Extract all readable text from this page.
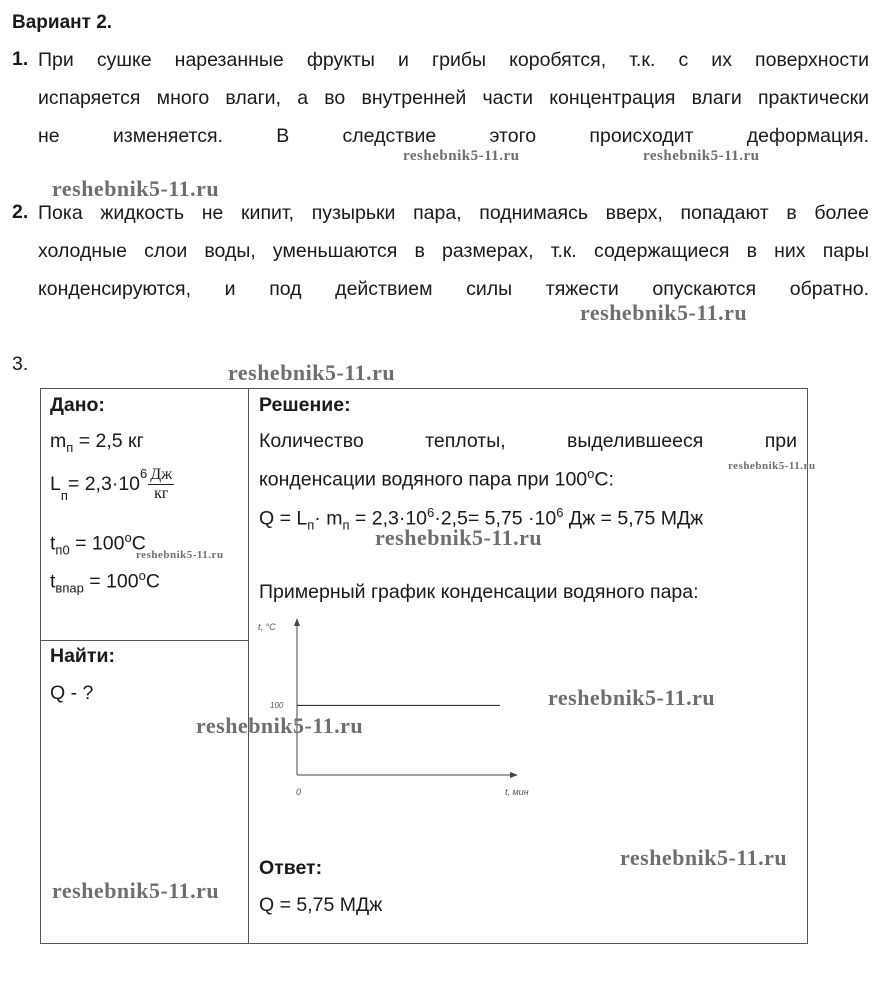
Вариант 2.
1. При сушке нарезанные фрукты и грибы коробятся, т.к. с их поверхности
испаряется много влаги, а во внутренней части концентрация влаги практически
не изменяется. В следствие этого происходит деформация.
2. Пока жидкость не кипит, пузырьки пара, поднимаясь вверх, попадают в более
холодные слои воды, уменьшаются в размерах, т.к. содержащиеся в них пары
конденсируются, и под действием силы тяжести опускаются обратно.
3.
Дано:
$m_п = 2,5$ кг
L
$_п$
= $2,3\cdot 10^6 \frac{Дж}{кг}$
$t_{п0} = 100^oC$
$t_{впар} = 100^oC$
Найти:
Q - ?
Решение:
Количество теплоты, выделившееся при
конденсации водяного пара при 100$^o$C:
$Q = L_п\cdot m_п = 2,3\cdot 10^6\cdot 2,5= 5,75 \cdot 10^6$ Дж = 5,75 МДж
Примерный график конденсации водяного пара:
t, °C
100
0	t, мин
Ответ:
Q = 5,75 МДж
reshebnik5-11.ru	reshebnik5-11.ru
reshebnik5-11.ru
reshebnik5-11.ru
reshebnik5-11.ru
reshebnik5-11.ru
reshebnik5-11.ru
reshebnik5-11.ru
reshebnik5-11.ru
reshebnik5-11.ru
reshebnik5-11.ru
reshebnik5-11.ru
